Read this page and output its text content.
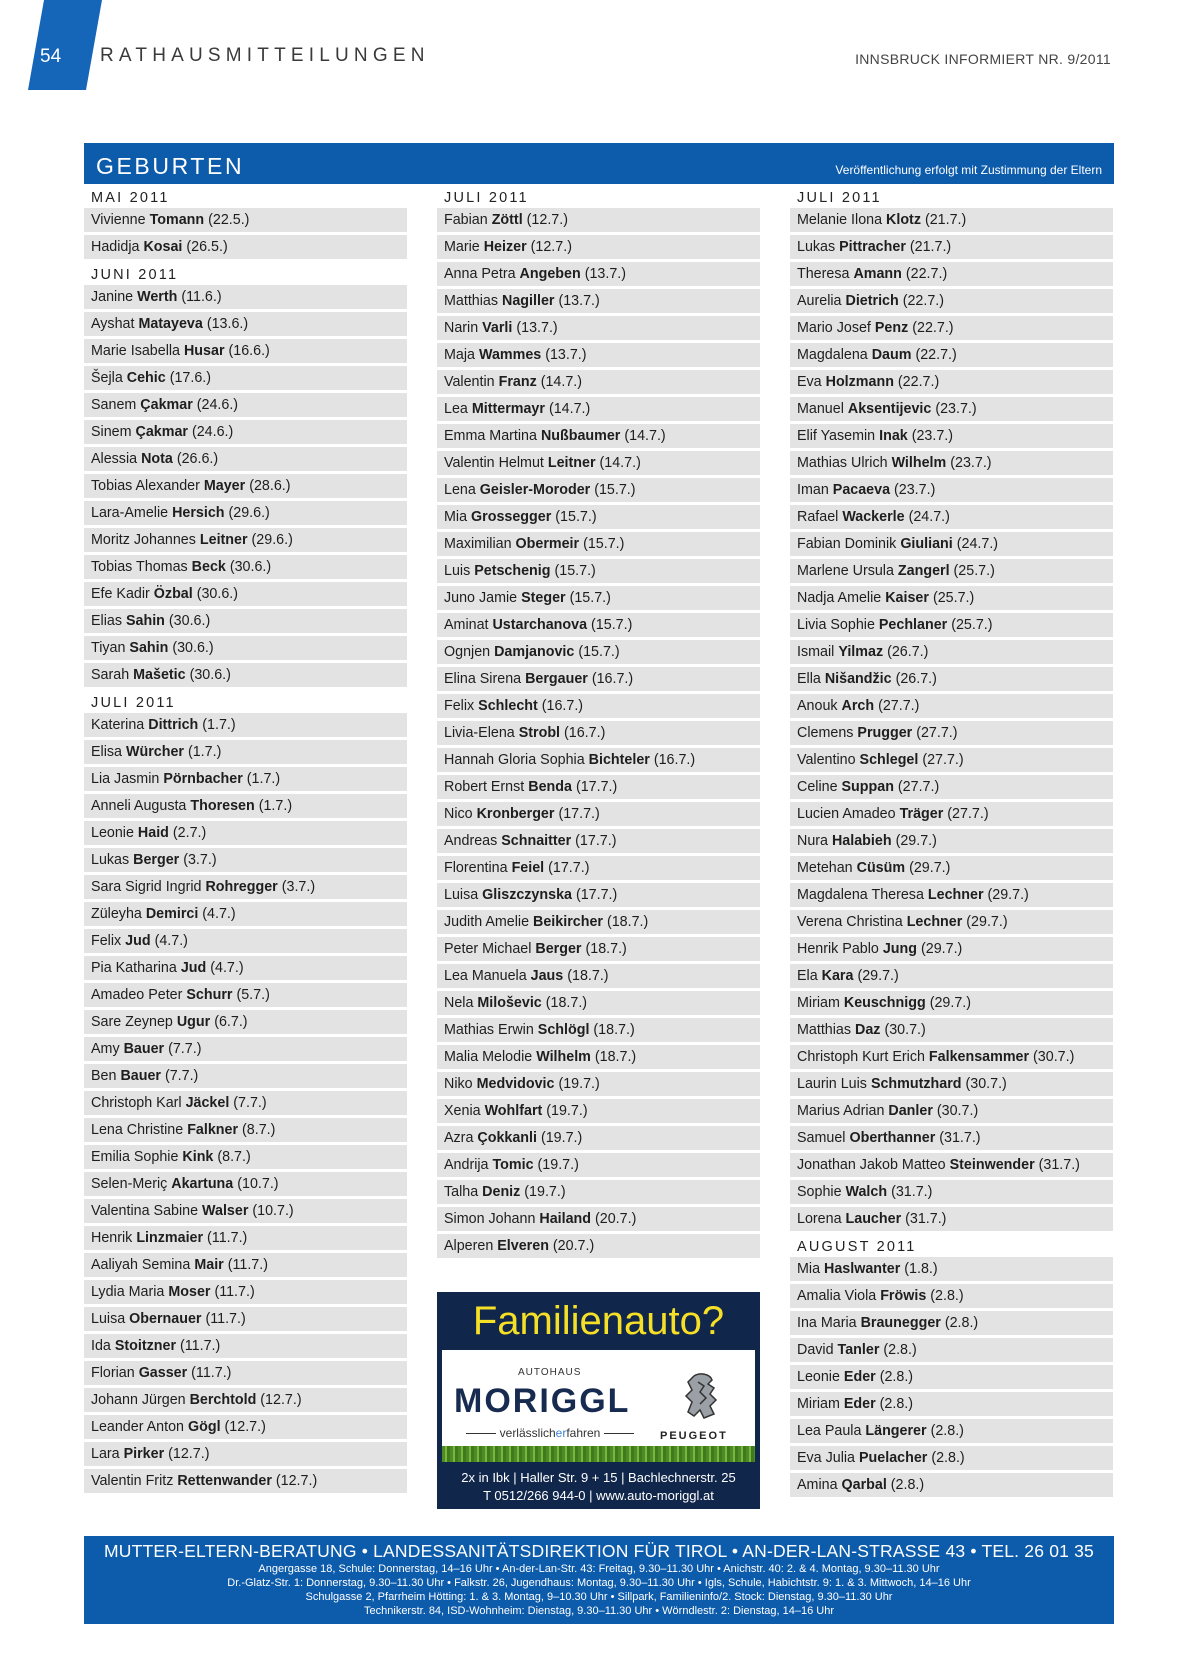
54 RATHAUSMITTEILUNGEN	INNSBRUCK INFORMIERT NR. 9/2011
GEBURTEN	Veröffentlichung erfolgt mit Zustimmung der Eltern
MAI 2011
Vivienne Tomann (22.5.)
Hadidja Kosai (26.5.)
JUNI 2011
Janine Werth (11.6.)
Ayshat Matayeva (13.6.)
Marie Isabella Husar (16.6.)
Šejla Cehic (17.6.)
Sanem Çakmar (24.6.)
Sinem Çakmar (24.6.)
Alessia Nota (26.6.)
Tobias Alexander Mayer (28.6.)
Lara-Amelie Hersich (29.6.)
Moritz Johannes Leitner (29.6.)
Tobias Thomas Beck (30.6.)
Efe Kadir Özbal (30.6.)
Elias Sahin (30.6.)
Tiyan Sahin (30.6.)
Sarah Mašetic (30.6.)
JULI 2011
Katerina Dittrich (1.7.)
Elisa Würcher (1.7.)
Lia Jasmin Pörnbacher (1.7.)
Anneli Augusta Thoresen (1.7.)
Leonie Haid (2.7.)
Lukas Berger (3.7.)
Sara Sigrid Ingrid Rohregger (3.7.)
Züleyha Demirci (4.7.)
Felix Jud (4.7.)
Pia Katharina Jud (4.7.)
Amadeo Peter Schurr (5.7.)
Sare Zeynep Ugur (6.7.)
Amy Bauer (7.7.)
Ben Bauer (7.7.)
Christoph Karl Jäckel (7.7.)
Lena Christine Falkner (8.7.)
Emilia Sophie Kink (8.7.)
Selen-Meriç Akartuna (10.7.)
Valentina Sabine Walser (10.7.)
Henrik Linzmaier (11.7.)
Aaliyah Semina Mair (11.7.)
Lydia Maria Moser (11.7.)
Luisa Obernauer (11.7.)
Ida Stoitzner (11.7.)
Florian Gasser (11.7.)
Johann Jürgen Berchtold (12.7.)
Leander Anton Gögl (12.7.)
Lara Pirker (12.7.)
Valentin Fritz Rettenwander (12.7.)
JULI 2011
Fabian Zöttl (12.7.)
Marie Heizer (12.7.)
Anna Petra Angeben (13.7.)
Matthias Nagiller (13.7.)
Narin Varli (13.7.)
Maja Wammes (13.7.)
Valentin Franz (14.7.)
Lea Mittermayr (14.7.)
Emma Martina Nußbaumer (14.7.)
Valentin Helmut Leitner (14.7.)
Lena Geisler-Moroder (15.7.)
Mia Grossegger (15.7.)
Maximilian Obermeir (15.7.)
Luis Petschenig (15.7.)
Juno Jamie Steger (15.7.)
Aminat Ustarchanova (15.7.)
Ognjen Damjanovic (15.7.)
Elina Sirena Bergauer (16.7.)
Felix Schlecht (16.7.)
Livia-Elena Strobl (16.7.)
Hannah Gloria Sophia Bichteler (16.7.)
Robert Ernst Benda (17.7.)
Nico Kronberger (17.7.)
Andreas Schnaitter (17.7.)
Florentina Feiel (17.7.)
Luisa Gliszczynska (17.7.)
Judith Amelie Beikircher (18.7.)
Peter Michael Berger (18.7.)
Lea Manuela Jaus (18.7.)
Nela Miloševic (18.7.)
Mathias Erwin Schlögl (18.7.)
Malia Melodie Wilhelm (18.7.)
Niko Medvidovic (19.7.)
Xenia Wohlfart (19.7.)
Azra Çokkanli (19.7.)
Andrija Tomic (19.7.)
Talha Deniz (19.7.)
Simon Johann Hailand (20.7.)
Alperen Elveren (20.7.)
JULI 2011
Melanie Ilona Klotz (21.7.)
Lukas Pittracher (21.7.)
Theresa Amann (22.7.)
Aurelia Dietrich (22.7.)
Mario Josef Penz (22.7.)
Magdalena Daum (22.7.)
Eva Holzmann (22.7.)
Manuel Aksentijevic (23.7.)
Elif Yasemin Inak (23.7.)
Mathias Ulrich Wilhelm (23.7.)
Iman Pacaeva (23.7.)
Rafael Wackerle (24.7.)
Fabian Dominik Giuliani (24.7.)
Marlene Ursula Zangerl (25.7.)
Nadja Amelie Kaiser (25.7.)
Livia Sophie Pechlaner (25.7.)
Ismail Yilmaz (26.7.)
Ella Nišandžic (26.7.)
Anouk Arch (27.7.)
Clemens Prugger (27.7.)
Valentino Schlegel (27.7.)
Celine Suppan (27.7.)
Lucien Amadeo Träger (27.7.)
Nura Halabieh (29.7.)
Metehan Cüsüm (29.7.)
Magdalena Theresa Lechner (29.7.)
Verena Christina Lechner (29.7.)
Henrik Pablo Jung (29.7.)
Ela Kara (29.7.)
Miriam Keuschnigg (29.7.)
Matthias Daz (30.7.)
Christoph Kurt Erich Falkensammer (30.7.)
Laurin Luis Schmutzhard (30.7.)
Marius Adrian Danler (30.7.)
Samuel Oberthanner (31.7.)
Jonathan Jakob Matteo Steinwender (31.7.)
Sophie Walch (31.7.)
Lorena Laucher (31.7.)
AUGUST 2011
Mia Haslwanter (1.8.)
Amalia Viola Fröwis (2.8.)
Ina Maria Braunegger (2.8.)
David Tanler (2.8.)
Leonie Eder (2.8.)
Miriam Eder (2.8.)
Lea Paula Längerer (2.8.)
Eva Julia Puelacher (2.8.)
Amina Qarbal (2.8.)
Familienauto?
AUTOHAUS
MORIGGL
verlässlicherfahren	PEUGEOT
2x in Ibk | Haller Str. 9 + 15 | Bachlechnerstr. 25
T 0512/266 944-0 | www.auto-moriggl.at
MUTTER-ELTERN-BERATUNG • LANDESSANITÄTSDIREKTION FÜR TIROL • AN-DER-LAN-STRASSE 43 • TEL. 26 01 35
Angergasse 18, Schule: Donnerstag, 14–16 Uhr • An-der-Lan-Str. 43: Freitag, 9.30–11.30 Uhr • Anichstr. 40: 2. & 4. Montag, 9.30–11.30 Uhr
Dr.-Glatz-Str. 1: Donnerstag, 9.30–11.30 Uhr • Falkstr. 26, Jugendhaus: Montag, 9.30–11.30 Uhr • Igls, Schule, Habichtstr. 9: 1. & 3. Mittwoch, 14–16 Uhr
Schulgasse 2, Pfarrheim Hötting: 1. & 3. Montag, 9–10.30 Uhr • Sillpark, Familieninfo/2. Stock: Dienstag, 9.30–11.30 Uhr
Technikerstr. 84, ISD-Wohnheim: Dienstag, 9.30–11.30 Uhr • Wörndlestr. 2: Dienstag, 14–16 Uhr
